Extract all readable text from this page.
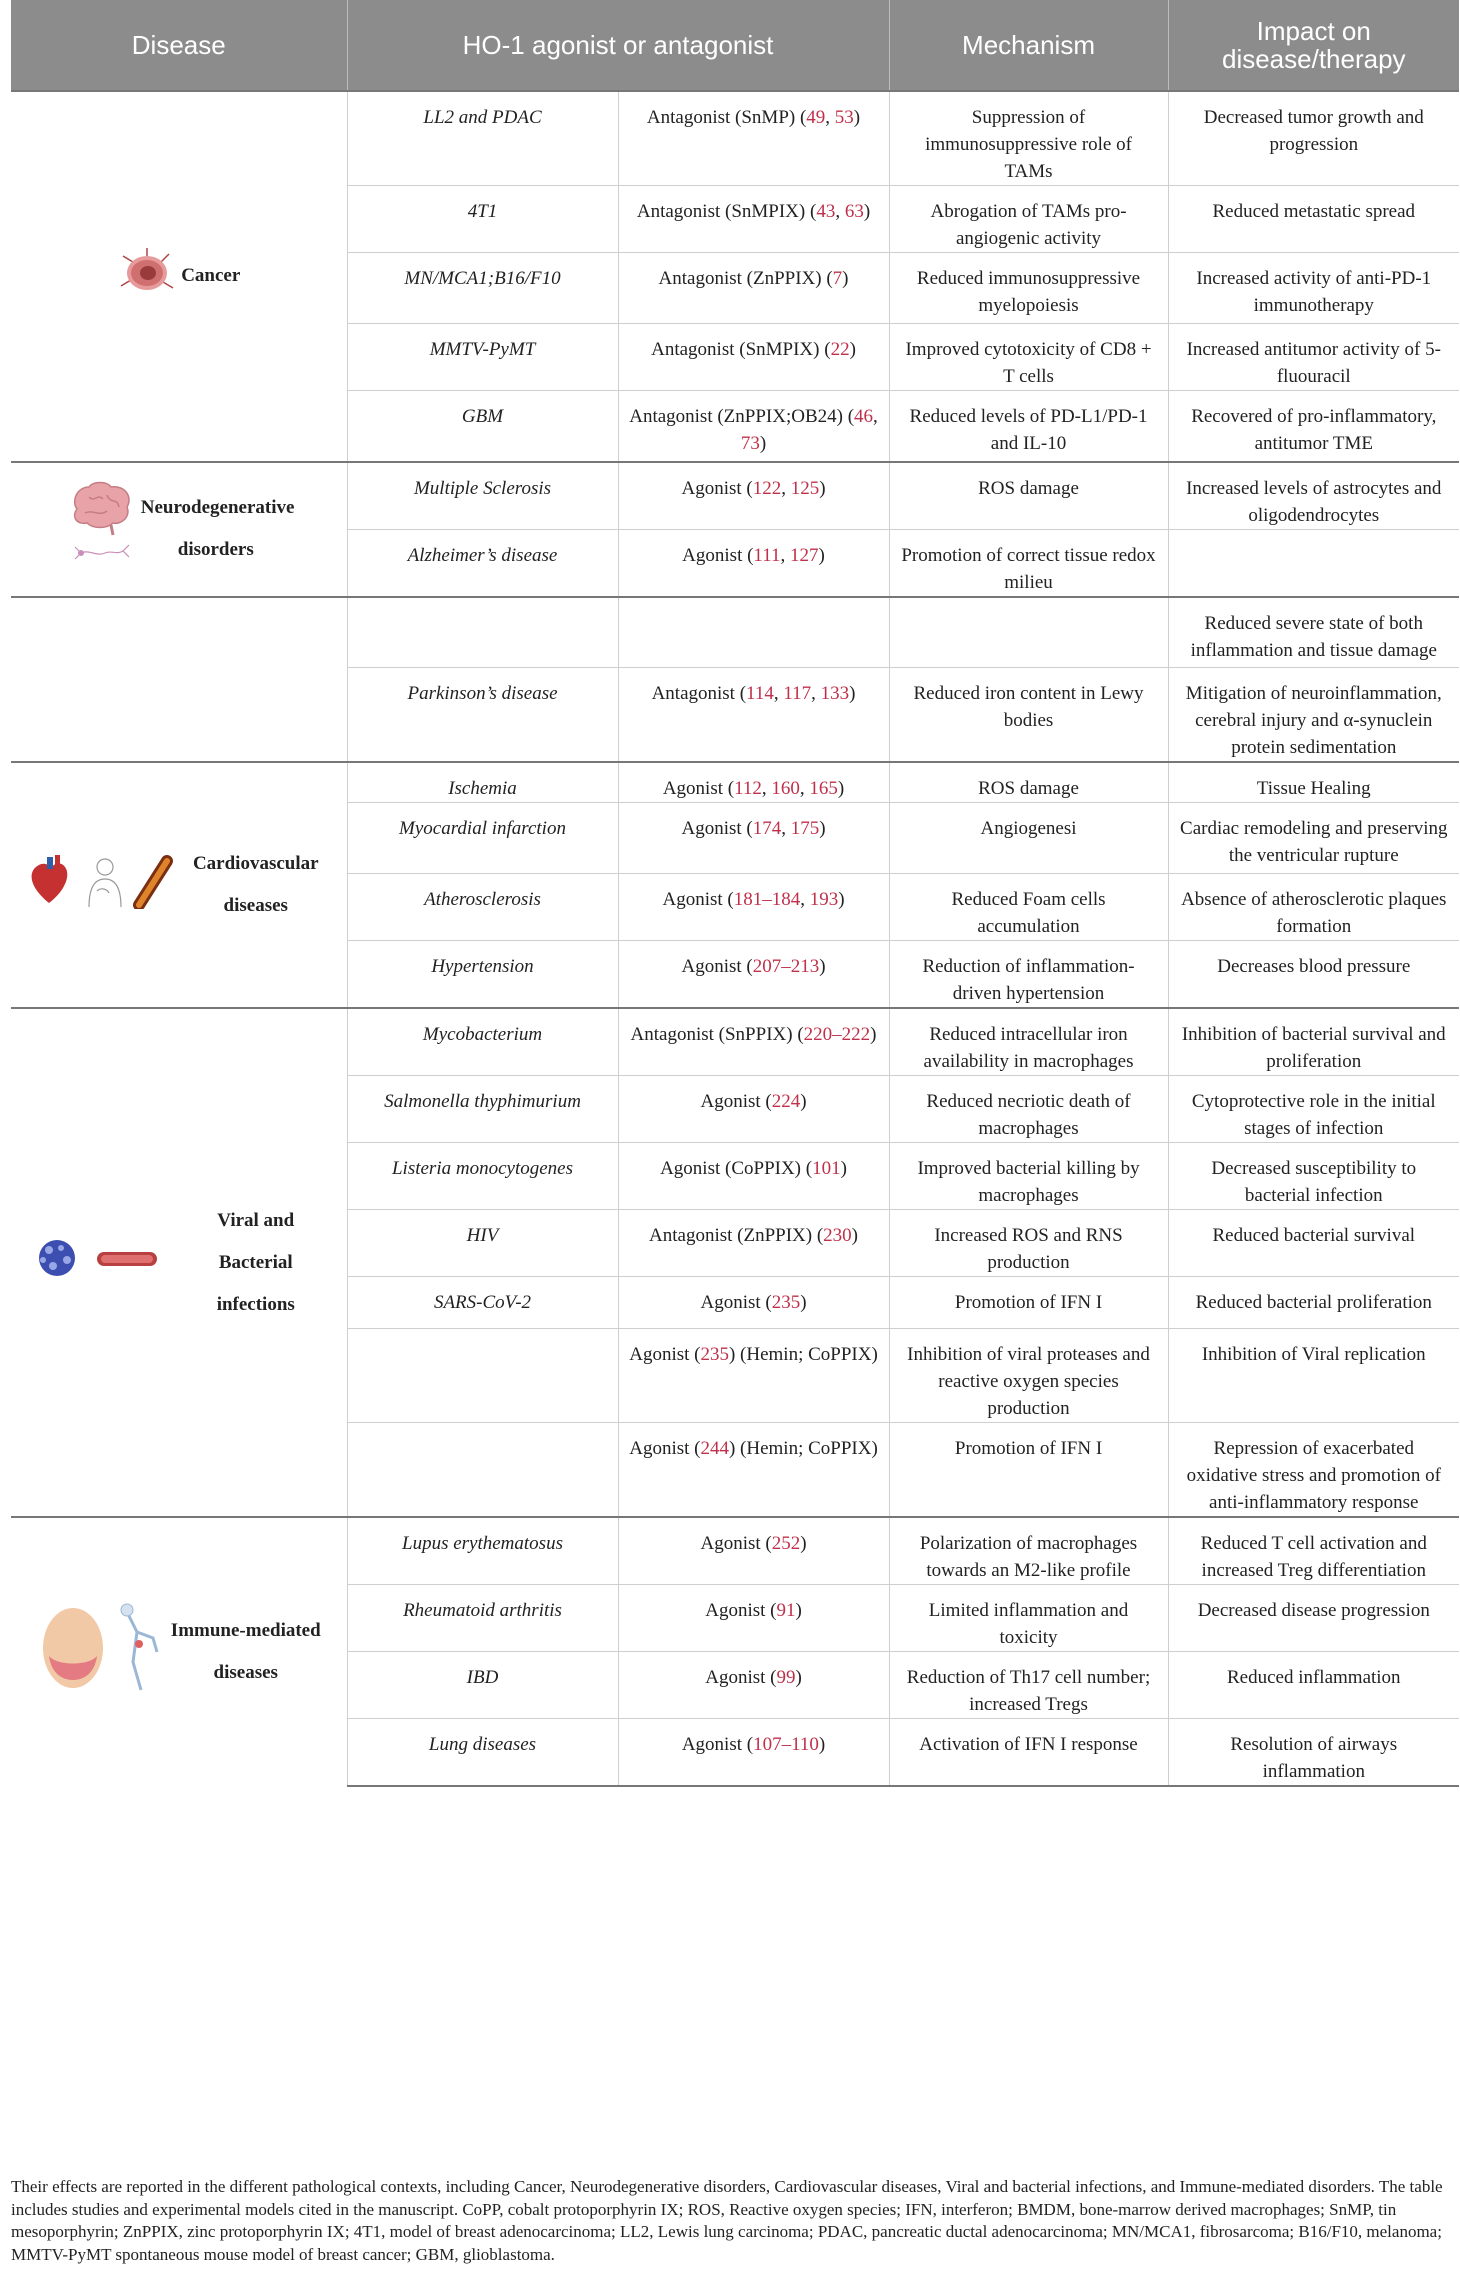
Disease	HO-1 agonist or antagonist		Mechanism	Impact on disease/therapy

Cancer	LL2 and PDAC	Antagonist (SnMP) (49, 53)	Suppression of immunosuppressive role of TAMs	Decreased tumor growth and progression
	4T1	Antagonist (SnMPIX) (43, 63)	Abrogation of TAMs pro-angiogenic activity	Reduced metastatic spread
	MN/MCA1;B16/F10	Antagonist (ZnPPIX) (7)	Reduced immunosuppressive myelopoiesis	Increased activity of anti-PD-1 immunotherapy
	MMTV-PyMT	Antagonist (SnMPIX) (22)	Improved cytotoxicity of CD8 + T cells	Increased antitumor activity of 5-fluouracil
	GBM	Antagonist (ZnPPIX;OB24) (46, 73)	Reduced levels of PD-L1/PD-1 and IL-10	Recovered of pro-inflammatory, antitumor TME

Neurodegenerative disorders	Multiple Sclerosis	Agonist (122, 125)	ROS damage	Increased levels of astrocytes and oligodendrocytes
	Alzheimer’s disease	Agonist (111, 127)	Promotion of correct tissue redox milieu	
				Reduced severe state of both inflammation and tissue damage
	Parkinson’s disease	Antagonist (114, 117, 133)	Reduced iron content in Lewy bodies	Mitigation of neuroinflammation, cerebral injury and α-synuclein protein sedimentation

Cardiovascular diseases	Ischemia	Agonist (112, 160, 165)	ROS damage	Tissue Healing
	Myocardial infarction	Agonist (174, 175)	Angiogenesi	Cardiac remodeling and preserving the ventricular rupture
	Atherosclerosis	Agonist (181–184, 193)	Reduced Foam cells accumulation	Absence of atherosclerotic plaques formation
	Hypertension	Agonist (207–213)	Reduction of inflammation-driven hypertension	Decreases blood pressure

Viral and Bacterial infections	Mycobacterium	Antagonist (SnPPIX) (220–222)	Reduced intracellular iron availability in macrophages	Inhibition of bacterial survival and proliferation
	Salmonella thyphimurium	Agonist (224)	Reduced necriotic death of macrophages	Cytoprotective role in the initial stages of infection
	Listeria monocytogenes	Agonist (CoPPIX) (101)	Improved bacterial killing by macrophages	Decreased susceptibility to bacterial infection
	HIV	Antagonist (ZnPPIX) (230)	Increased ROS and RNS production	Reduced bacterial survival
	SARS-CoV-2	Agonist (235)	Promotion of IFN I	Reduced bacterial proliferation
		Agonist (235) (Hemin; CoPPIX)	Inhibition of viral proteases and reactive oxygen species production	Inhibition of Viral replication
		Agonist (244) (Hemin; CoPPIX)	Promotion of IFN I	Repression of exacerbated oxidative stress and promotion of anti-inflammatory response

Immune-mediated diseases	Lupus erythematosus	Agonist (252)	Polarization of macrophages towards an M2-like profile	Reduced T cell activation and increased Treg differentiation
	Rheumatoid arthritis	Agonist (91)	Limited inflammation and toxicity	Decreased disease progression
	IBD	Agonist (99)	Reduction of Th17 cell number; increased Tregs	Reduced inflammation
	Lung diseases	Agonist (107–110)	Activation of IFN I response	Resolution of airways inflammation
Their effects are reported in the different pathological contexts, including Cancer, Neurodegenerative disorders, Cardiovascular diseases, Viral and bacterial infections, and Immune-mediated disorders. The table includes studies and experimental models cited in the manuscript. CoPP, cobalt protoporphyrin IX; ROS, Reactive oxygen species; IFN, interferon; BMDM, bone-marrow derived macrophages; SnMP, tin mesoporphyrin; ZnPPIX, zinc protoporphyrin IX; 4T1, model of breast adenocarcinoma; LL2, Lewis lung carcinoma; PDAC, pancreatic ductal adenocarcinoma; MN/MCA1, fibrosarcoma; B16/F10, melanoma; MMTV-PyMT spontaneous mouse model of breast cancer; GBM, glioblastoma.
